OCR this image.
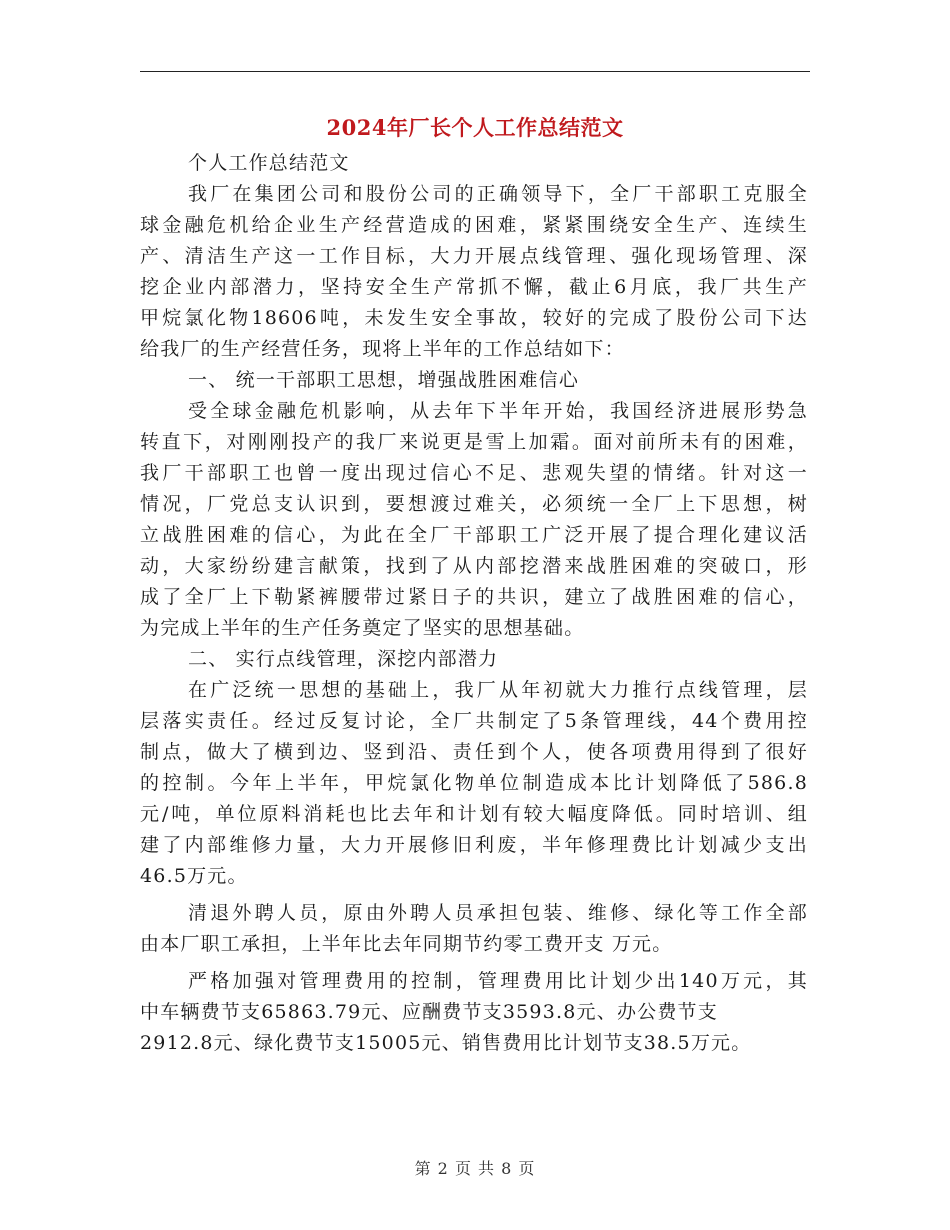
2024年厂长个人工作总结范文
个人工作总结范文
我厂在集团公司和股份公司的正确领导下，全厂干部职工克服全
球金融危机给企业生产经营造成的困难，紧紧围绕安全生产、连续生
产、清洁生产这一工作目标，大力开展点线管理、强化现场管理、深
挖企业内部潜力，坚持安全生产常抓不懈，截止6月底，我厂共生产
甲烷氯化物18606吨，未发生安全事故，较好的完成了股份公司下达
给我厂的生产经营任务，现将上半年的工作总结如下：
一、 统一干部职工思想，增强战胜困难信心
受全球金融危机影响，从去年下半年开始，我国经济进展形势急
转直下，对刚刚投产的我厂来说更是雪上加霜。面对前所未有的困难，
我厂干部职工也曾一度出现过信心不足、悲观失望的情绪。针对这一
情况，厂党总支认识到，要想渡过难关，必须统一全厂上下思想，树
立战胜困难的信心，为此在全厂干部职工广泛开展了提合理化建议活
动，大家纷纷建言献策，找到了从内部挖潜来战胜困难的突破口，形
成了全厂上下勒紧裤腰带过紧日子的共识，建立了战胜困难的信心，
为完成上半年的生产任务奠定了坚实的思想基础。
二、 实行点线管理，深挖内部潜力
在广泛统一思想的基础上，我厂从年初就大力推行点线管理，层
层落实责任。经过反复讨论，全厂共制定了5条管理线，44个费用控
制点，做大了横到边、竖到沿、责任到个人，使各项费用得到了很好
的控制。今年上半年，甲烷氯化物单位制造成本比计划降低了586.8
元/吨，单位原料消耗也比去年和计划有较大幅度降低。同时培训、组
建了内部维修力量，大力开展修旧利废，半年修理费比计划减少支出
46.5万元。
清退外聘人员，原由外聘人员承担包装、维修、绿化等工作全部
由本厂职工承担，上半年比去年同期节约零工费开支 万元。
严格加强对管理费用的控制，管理费用比计划少出140万元，其
中车辆费节支65863.79元、应酬费节支3593.8元、办公费节支
2912.8元、绿化费节支15005元、销售费用比计划节支38.5万元。
第 2 页 共 8 页
